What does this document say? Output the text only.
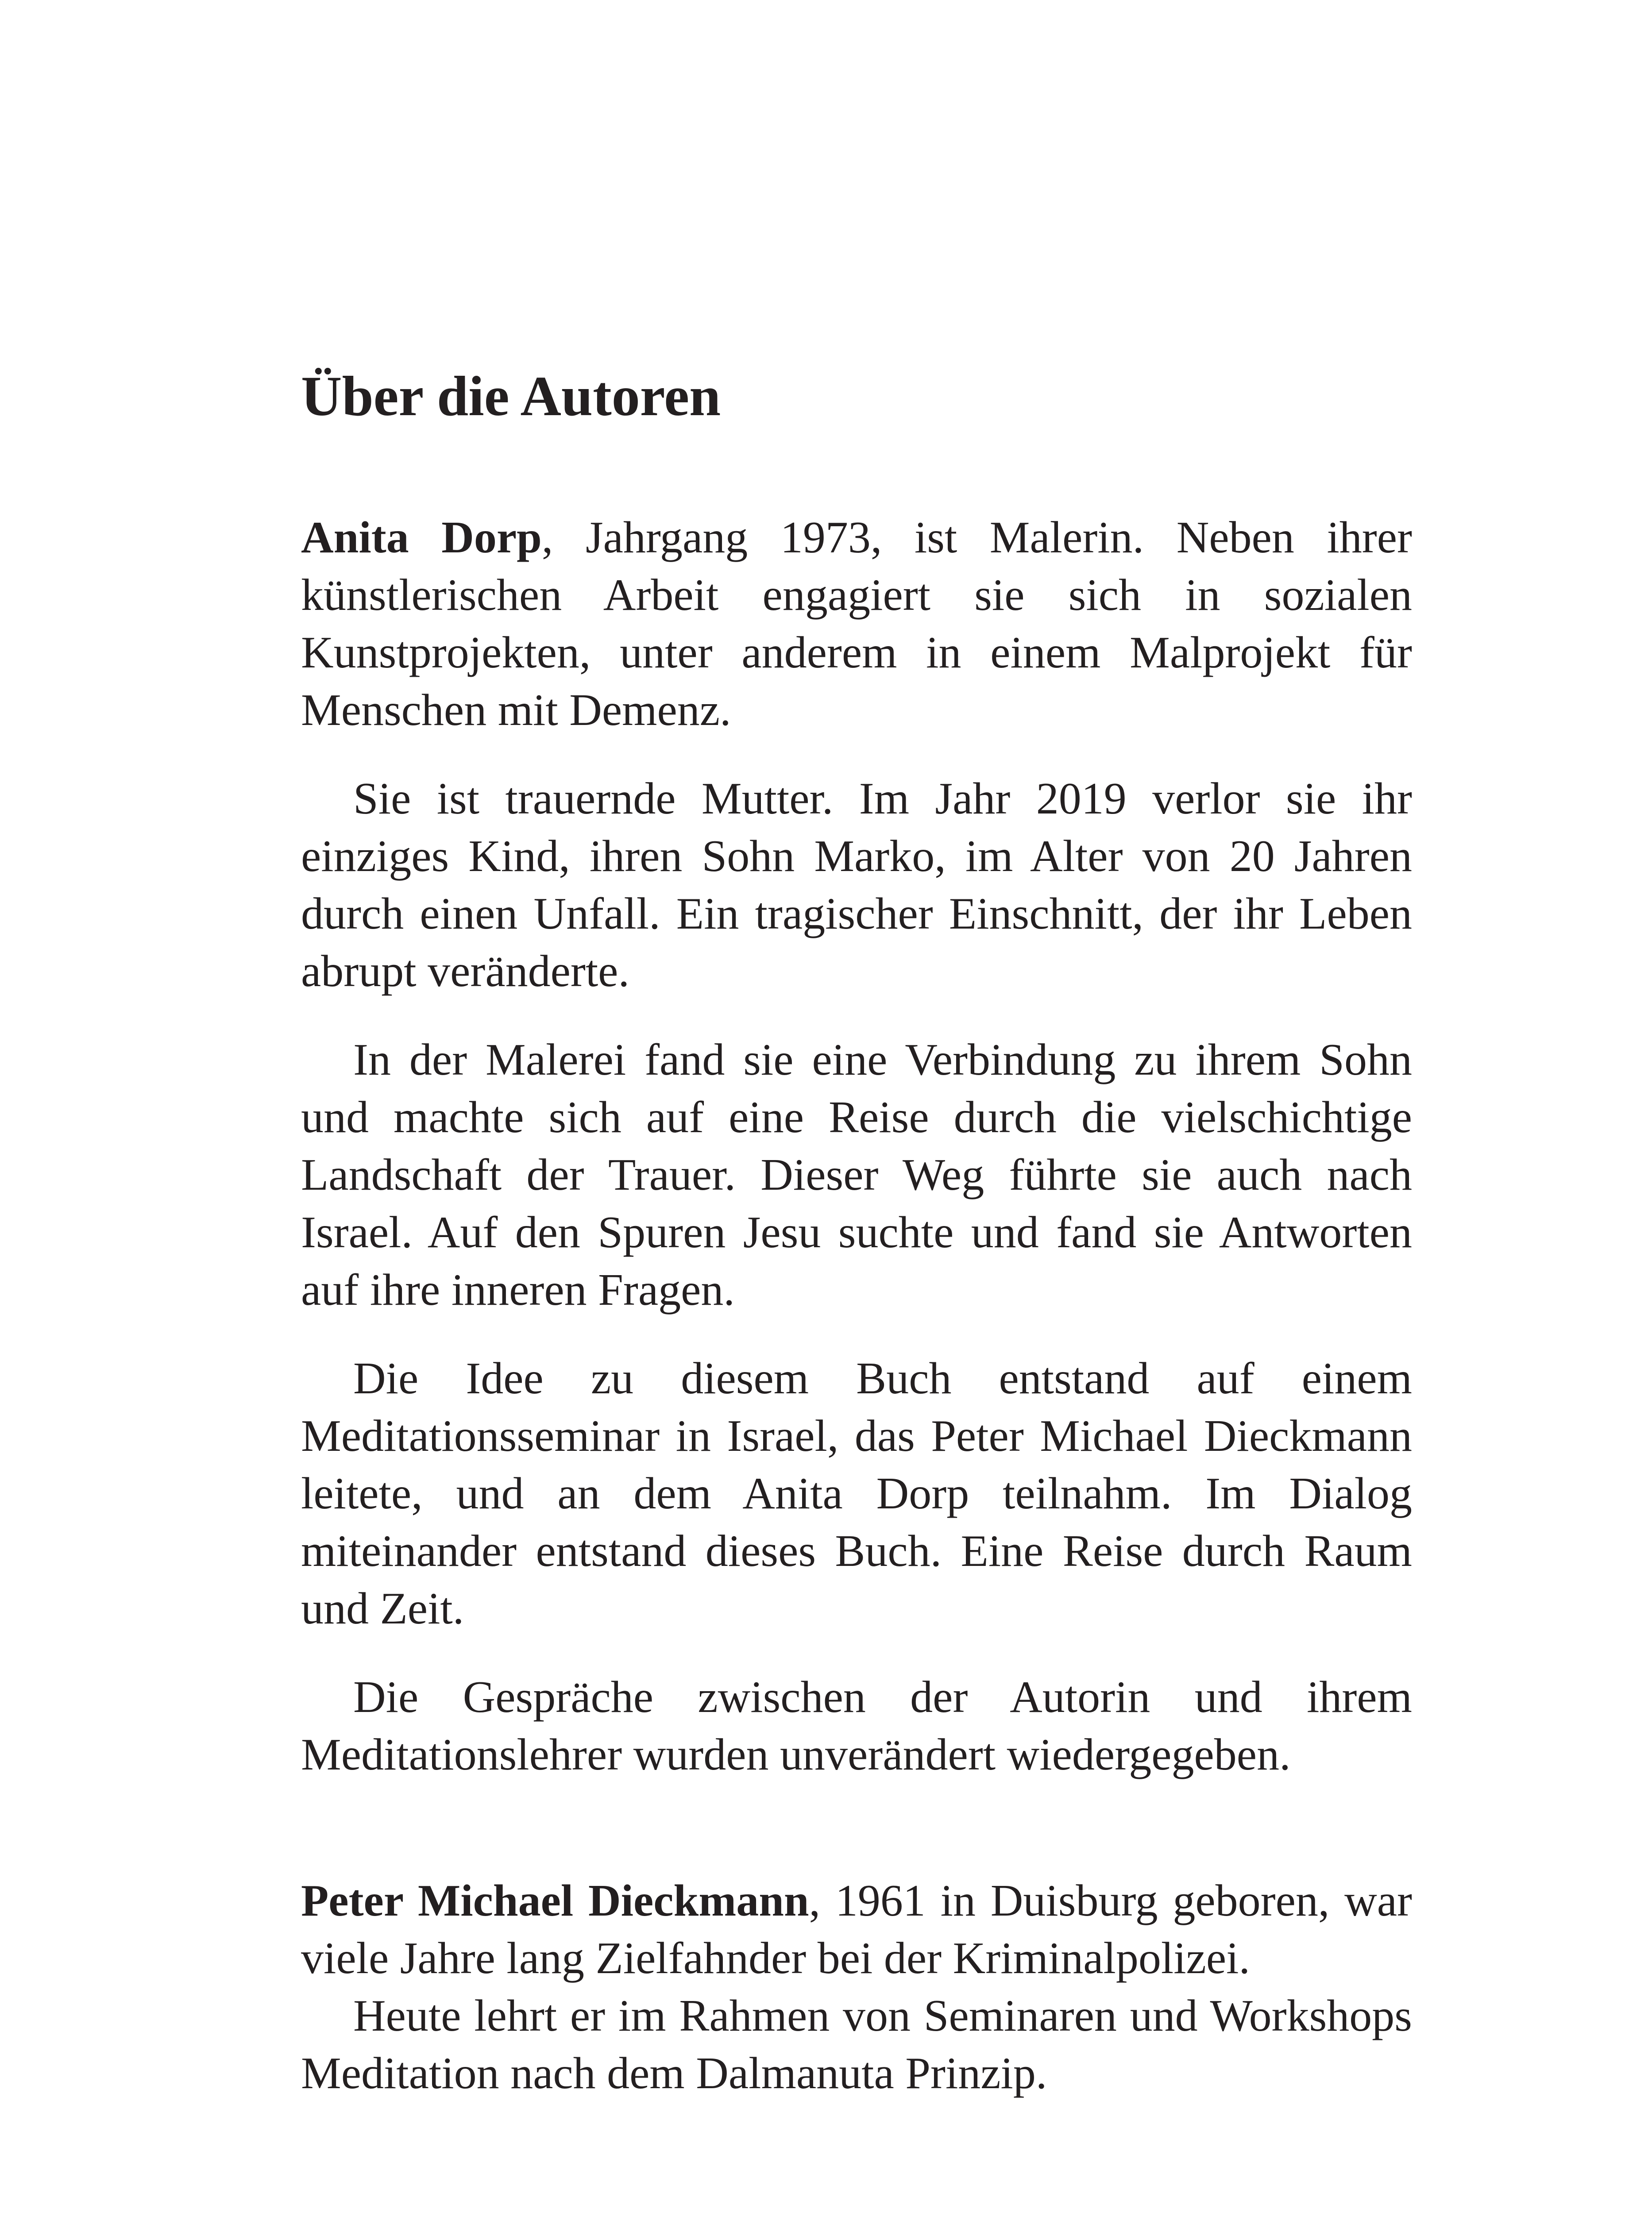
Über die Autoren

Anita Dorp, Jahrgang 1973, ist Malerin. Neben ihrer künstlerischen Arbeit engagiert sie sich in sozialen Kunstprojekten, unter anderem in einem Malprojekt für Menschen mit Demenz.

Sie ist trauernde Mutter. Im Jahr 2019 verlor sie ihr einziges Kind, ihren Sohn Marko, im Alter von 20 Jahren durch einen Unfall. Ein tragischer Einschnitt, der ihr Leben abrupt veränderte.

In der Malerei fand sie eine Verbindung zu ihrem Sohn und machte sich auf eine Reise durch die vielschichtige Landschaft der Trauer. Dieser Weg führte sie auch nach Israel. Auf den Spuren Jesu suchte und fand sie Antworten auf ihre inneren Fragen.

Die Idee zu diesem Buch entstand auf einem Meditationsseminar in Israel, das Peter Michael Dieckmann leitete, und an dem Anita Dorp teilnahm. Im Dialog miteinander entstand dieses Buch. Eine Reise durch Raum und Zeit.

Die Gespräche zwischen der Autorin und ihrem Meditationslehrer wurden unverändert wiedergegeben.

Peter Michael Dieckmann, 1961 in Duisburg geboren, war viele Jahre lang Zielfahnder bei der Kriminalpolizei.

Heute lehrt er im Rahmen von Seminaren und Workshops Meditation nach dem Dalmanuta Prinzip.
